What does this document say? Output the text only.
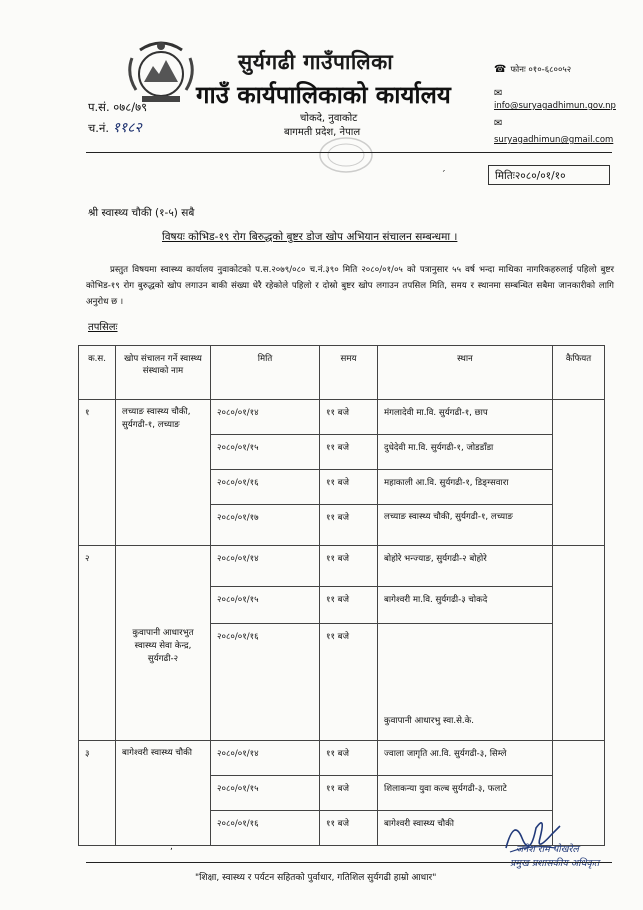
सुर्यगढी गाउँपालिका
गाउँ कार्यपालिकाको कार्यालय
चोकदे, नुवाकोट
बागमती प्रदेश, नेपाल
प.सं. ०७८/७९
च.नं. ११८२
☎ फोनः ०१०-६८००५२
✉
info@suryagadhimun.gov.np
✉
suryagadhimun@gmail.com
׳	मितिः२०८०/०१/१०
श्री स्वास्थ्य चौकी (१-५) सबै
विषयः कोभिड-१९ रोग बिरुद्धको बुष्टर डोज खोप अभियान संचालन सम्बन्धमा ।
प्रस्तुत विषयमा स्वास्थ्य कार्यालय नुवाकोटको प.स.२०७९/०८० च.नं.३९० मिति २०८०/०१/०५ को पत्रानुसार ५५ वर्ष भन्दा माथिका नागरिकहरुलाई पहिलो बुष्टर कोभिड-१९ रोग बुरुद्धको खोप लगाउन बाकी संख्या धेरै रहेकोले पहिलो र दोस्रो बुष्टर खोप लगाउन तपसिल मिति, समय र स्थानमा सम्बन्धित सबैमा जानकारीको लागि अनुरोध छ ।
तपसिलः
क.स.	खोप संचालन गर्ने स्वास्थ्य संस्थाको नाम	मिति	समय	स्थान	कैफियत
१	लच्याङ स्वास्थ्य चौकी, सुर्यगढी-१, लच्याङ	२०८०/०१/१४	११ बजे	मंगलादेवी मा.वि. सुर्यगढी-१, छाप	
		२०८०/०१/१५	११ बजे	दुधेदेवी मा.वि. सुर्यगढी-१, जोडडाँडा	
		२०८०/०१/१६	११ बजे	महाकाली आ.वि. सुर्यगढी-१, डिङ्ग्सवारा	
		२०८०/०१/१७	११ बजे	लच्याङ स्वास्थ्य चौकी, सुर्यगढी-१, लच्याङ	
२	कुवापानी आधारभुत स्वास्थ्य सेवा केन्द्र, सुर्यगढी-२	२०८०/०१/१४	११ बजे	बोहोरे भन्ज्याङ, सुर्यगढी-२ बोहोरे	
		२०८०/०१/१५	११ बजे	बागेश्वरी मा.वि. सुर्यगढी-३ चोकदे	
		२०८०/०१/१६	११ बजे	कुवापानी आधारभु स्वा.से.के.	
३	बागेश्वरी स्वास्थ्य चौकी	२०८०/०१/१४	११ बजे	ज्वाला जागृति आ.वि. सुर्यगढी-३, सिम्ले	
		२०८०/०१/१५	११ बजे	शिलाकन्या युवा कल्ब सुर्यगढी-३, फलाटे	
		२०८०/०१/१६	११ बजे	बागेश्वरी स्वास्थ्य चौकी	
,	जनेश राम पोखरेल
प्रमुख प्रशासकीय अधिकृत
"शिक्षा, स्वास्थ्य र पर्यटन सहितको पुर्वाधार, गतिशिल सुर्यगढी हाम्रो आधार"
